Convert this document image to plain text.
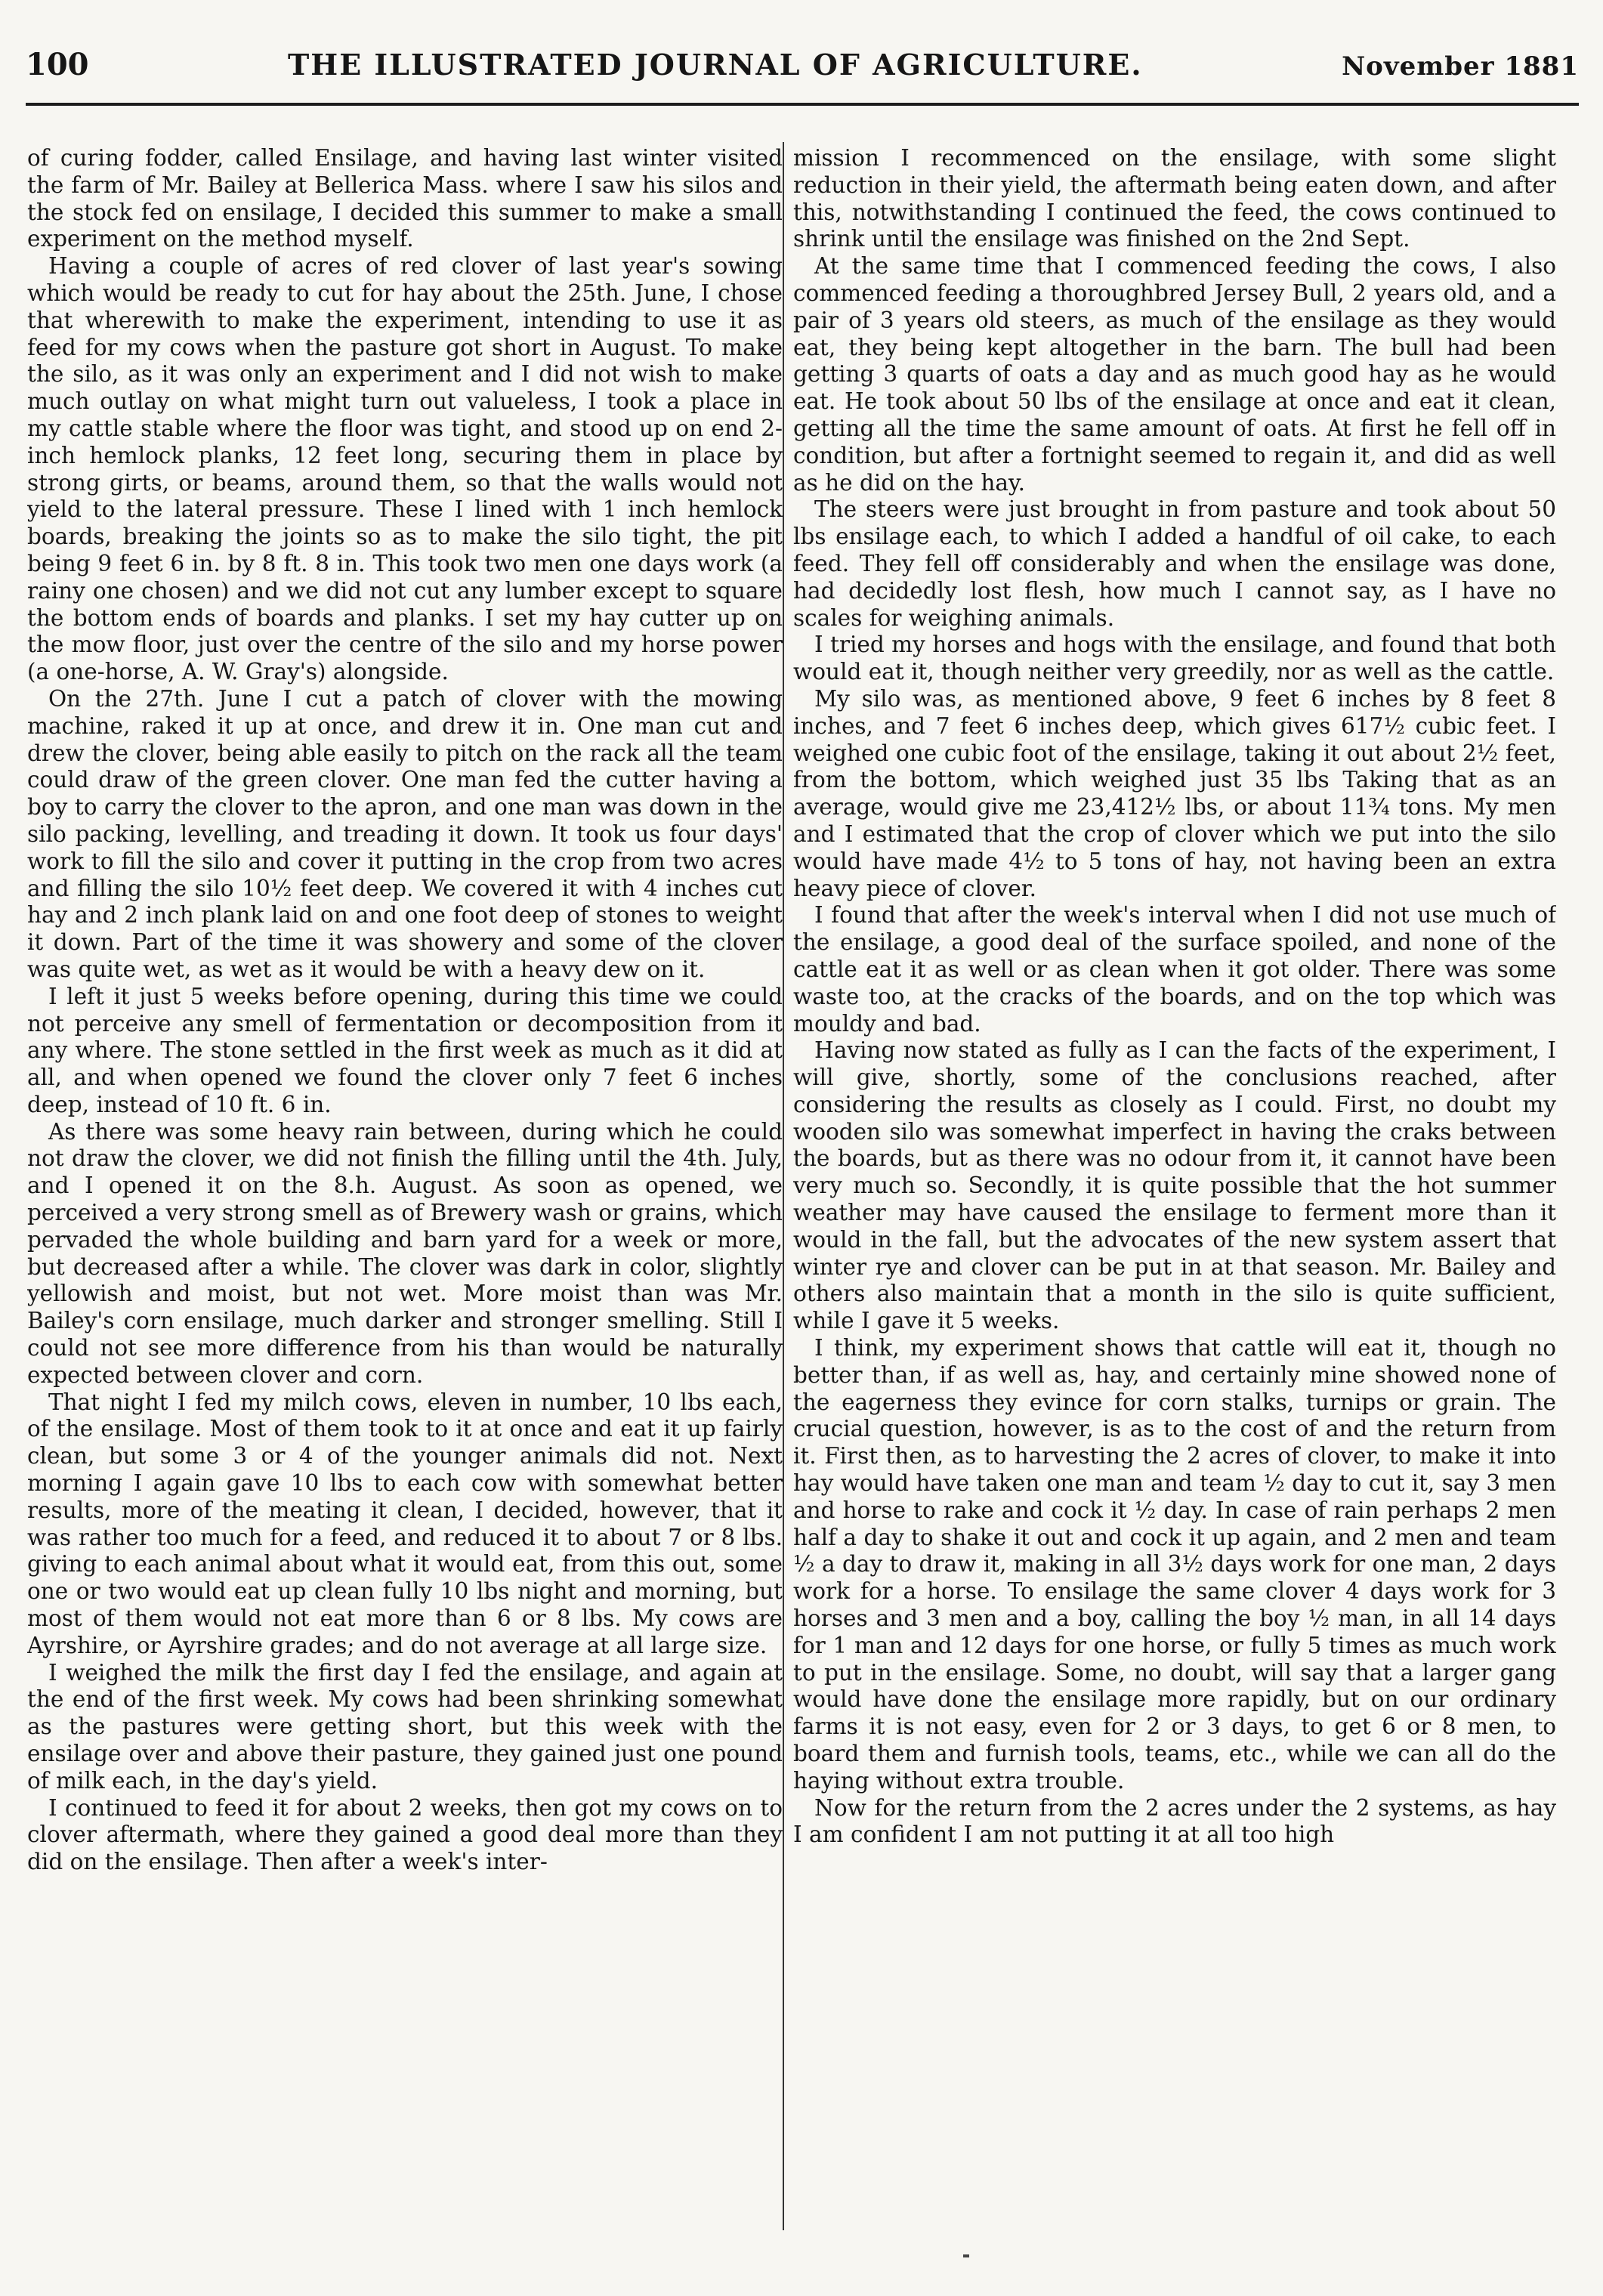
100	THE ILLUSTRATED JOURNAL OF AGRICULTURE.	November 1881

of curing fodder, called Ensilage, and having last winter visited the farm of Mr. Bailey at Bellerica Mass. where I saw his silos and the stock fed on ensilage, I decided this summer to make a small experiment on the method myself.

Having a couple of acres of red clover of last year's sowing which would be ready to cut for hay about the 25th. June, I chose that wherewith to make the experiment, intending to use it as feed for my cows when the pasture got short in August. To make the silo, as it was only an experiment and I did not wish to make much outlay on what might turn out valueless, I took a place in my cattle stable where the floor was tight, and stood up on end 2-inch hemlock planks, 12 feet long, securing them in place by strong girts, or beams, around them, so that the walls would not yield to the lateral pressure. These I lined with 1 inch hemlock boards, breaking the joints so as to make the silo tight, the pit being 9 feet 6 in. by 8 ft. 8 in. This took two men one days work (a rainy one chosen) and we did not cut any lumber except to square the bottom ends of boards and planks. I set my hay cutter up on the mow floor, just over the centre of the silo and my horse power (a one-horse, A. W. Gray's) alongside.

On the 27th. June I cut a patch of clover with the mowing machine, raked it up at once, and drew it in. One man cut and drew the clover, being able easily to pitch on the rack all the team could draw of the green clover. One man fed the cutter having a boy to carry the clover to the apron, and one man was down in the silo packing, levelling, and treading it down. It took us four days' work to fill the silo and cover it putting in the crop from two acres and filling the silo 10½ feet deep. We covered it with 4 inches cut hay and 2 inch plank laid on and one foot deep of stones to weight it down. Part of the time it was showery and some of the clover was quite wet, as wet as it would be with a heavy dew on it.

I left it just 5 weeks before opening, during this time we could not perceive any smell of fermentation or decomposition from it any where. The stone settled in the first week as much as it did at all, and when opened we found the clover only 7 feet 6 inches deep, instead of 10 ft. 6 in.

As there was some heavy rain between, during which he could not draw the clover, we did not finish the filling until the 4th. July, and I opened it on the 8.h. August. As soon as opened, we perceived a very strong smell as of Brewery wash or grains, which pervaded the whole building and barn yard for a week or more, but decreased after a while. The clover was dark in color, slightly yellowish and moist, but not wet. More moist than was Mr. Bailey's corn ensilage, much darker and stronger smelling. Still I could not see more difference from his than would be naturally expected between clover and corn.

That night I fed my milch cows, eleven in number, 10 lbs each, of the ensilage. Most of them took to it at once and eat it up fairly clean, but some 3 or 4 of the younger animals did not. Next morning I again gave 10 lbs to each cow with somewhat better results, more of the meating it clean, I decided, however, that it was rather too much for a feed, and reduced it to about 7 or 8 lbs. giving to each animal about what it would eat, from this out, some one or two would eat up clean fully 10 lbs night and morning, but most of them would not eat more than 6 or 8 lbs. My cows are Ayrshire, or Ayrshire grades; and do not average at all large size.

I weighed the milk the first day I fed the ensilage, and again at the end of the first week. My cows had been shrinking somewhat as the pastures were getting short, but this week with the ensilage over and above their pasture, they gained just one pound of milk each, in the day's yield.

I continued to feed it for about 2 weeks, then got my cows on to clover aftermath, where they gained a good deal more than they did on the ensilage. Then after a week's inter-

mission I recommenced on the ensilage, with some slight reduction in their yield, the aftermath being eaten down, and after this, notwithstanding I continued the feed, the cows continued to shrink until the ensilage was finished on the 2nd Sept.

At the same time that I commenced feeding the cows, I also commenced feeding a thoroughbred Jersey Bull, 2 years old, and a pair of 3 years old steers, as much of the ensilage as they would eat, they being kept altogether in the barn. The bull had been getting 3 quarts of oats a day and as much good hay as he would eat. He took about 50 lbs of the ensilage at once and eat it clean, getting all the time the same amount of oats. At first he fell off in condition, but after a fortnight seemed to regain it, and did as well as he did on the hay.

The steers were just brought in from pasture and took about 50 lbs ensilage each, to which I added a handful of oil cake, to each feed. They fell off considerably and when the ensilage was done, had decidedly lost flesh, how much I cannot say, as I have no scales for weighing animals.

I tried my horses and hogs with the ensilage, and found that both would eat it, though neither very greedily, nor as well as the cattle.

My silo was, as mentioned above, 9 feet 6 inches by 8 feet 8 inches, and 7 feet 6 inches deep, which gives 617½ cubic feet. I weighed one cubic foot of the ensilage, taking it out about 2½ feet, from the bottom, which weighed just 35 lbs Taking that as an average, would give me 23,412½ lbs, or about 11¾ tons. My men and I estimated that the crop of clover which we put into the silo would have made 4½ to 5 tons of hay, not having been an extra heavy piece of clover.

I found that after the week's interval when I did not use much of the ensilage, a good deal of the surface spoiled, and none of the cattle eat it as well or as clean when it got older. There was some waste too, at the cracks of the boards, and on the top which was mouldy and bad.

Having now stated as fully as I can the facts of the experiment, I will give, shortly, some of the conclusions reached, after considering the results as closely as I could. First, no doubt my wooden silo was somewhat imperfect in having the craks between the boards, but as there was no odour from it, it cannot have been very much so. Secondly, it is quite possible that the hot summer weather may have caused the ensilage to ferment more than it would in the fall, but the advocates of the new system assert that winter rye and clover can be put in at that season. Mr. Bailey and others also maintain that a month in the silo is quite sufficient, while I gave it 5 weeks.

I think, my experiment shows that cattle will eat it, though no better than, if as well as, hay, and certainly mine showed none of the eagerness they evince for corn stalks, turnips or grain. The crucial question, however, is as to the cost of and the return from it. First then, as to harvesting the 2 acres of clover, to make it into hay would have taken one man and team ½ day to cut it, say 3 men and horse to rake and cock it ½ day. In case of rain perhaps 2 men half a day to shake it out and cock it up again, and 2 men and team ½ a day to draw it, making in all 3½ days work for one man, 2 days work for a horse. To ensilage the same clover 4 days work for 3 horses and 3 men and a boy, calling the boy ½ man, in all 14 days for 1 man and 12 days for one horse, or fully 5 times as much work to put in the ensilage. Some, no doubt, will say that a larger gang would have done the ensilage more rapidly, but on our ordinary farms it is not easy, even for 2 or 3 days, to get 6 or 8 men, to board them and furnish tools, teams, etc., while we can all do the haying without extra trouble.

Now for the return from the 2 acres under the 2 systems, as hay I am confident I am not putting it at all too high
